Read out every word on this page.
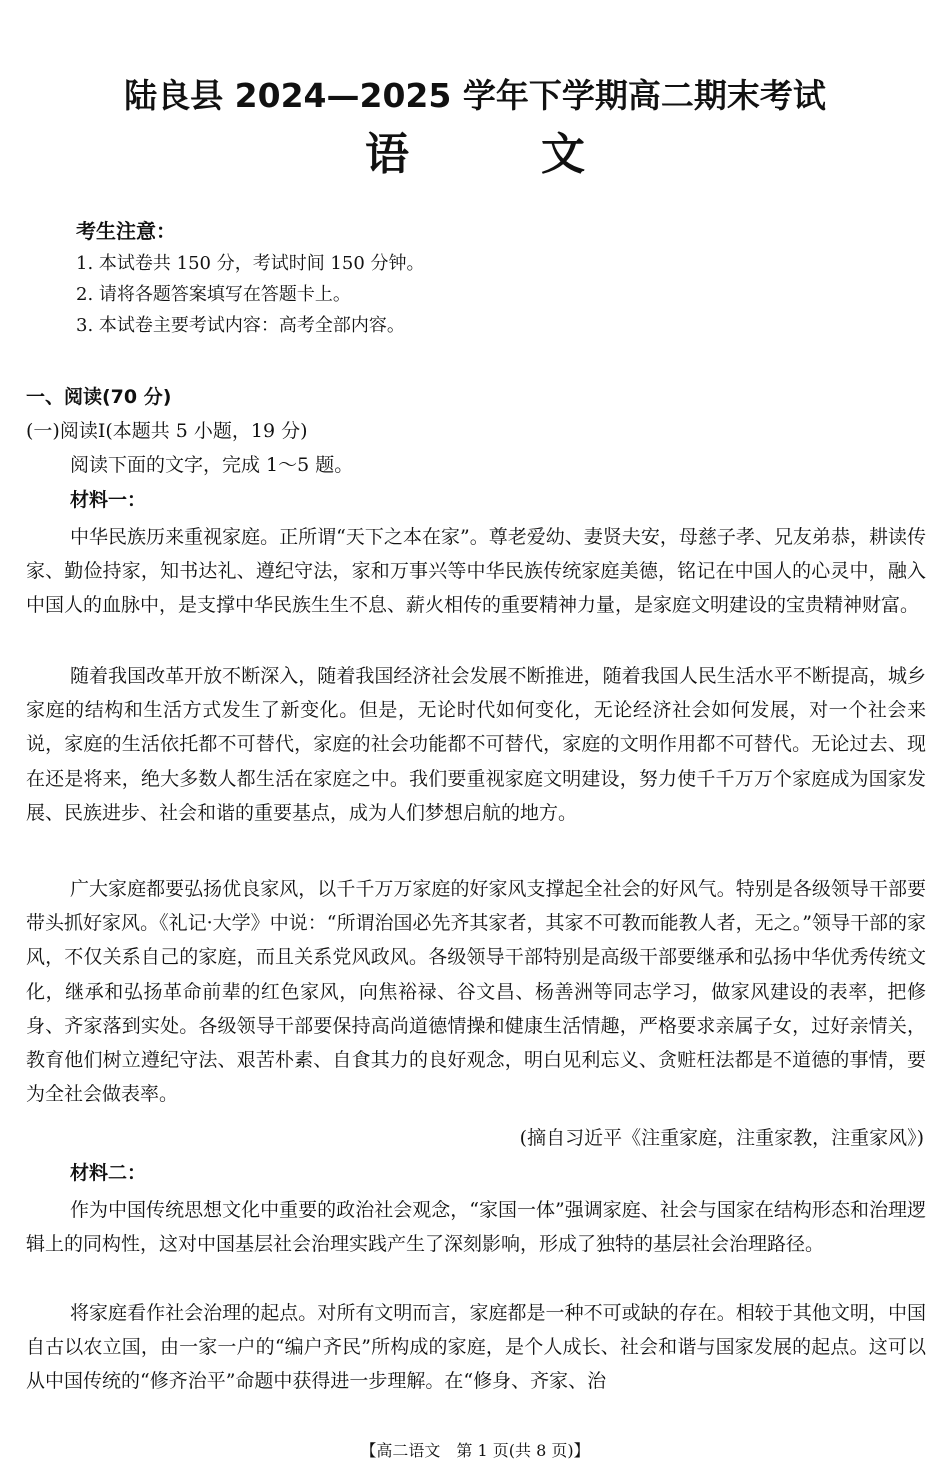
陆良县 2024—2025 学年下学期高二期末考试
语　　　文
考生注意：
1. 本试卷共 150 分，考试时间 150 分钟。
2. 请将各题答案填写在答题卡上。
3. 本试卷主要考试内容：高考全部内容。
一、阅读(70 分)
(一)阅读Ⅰ(本题共 5 小题，19 分)
阅读下面的文字，完成 1～5 题。
材料一：
中华民族历来重视家庭。正所谓“天下之本在家”。尊老爱幼、妻贤夫安，母慈子孝、兄友弟恭，耕读传家、勤俭持家，知书达礼、遵纪守法，家和万事兴等中华民族传统家庭美德，铭记在中国人的心灵中，融入中国人的血脉中，是支撑中华民族生生不息、薪火相传的重要精神力量，是家庭文明建设的宝贵精神财富。
随着我国改革开放不断深入，随着我国经济社会发展不断推进，随着我国人民生活水平不断提高，城乡家庭的结构和生活方式发生了新变化。但是，无论时代如何变化，无论经济社会如何发展，对一个社会来说，家庭的生活依托都不可替代，家庭的社会功能都不可替代，家庭的文明作用都不可替代。无论过去、现在还是将来，绝大多数人都生活在家庭之中。我们要重视家庭文明建设，努力使千千万万个家庭成为国家发展、民族进步、社会和谐的重要基点，成为人们梦想启航的地方。
广大家庭都要弘扬优良家风，以千千万万家庭的好家风支撑起全社会的好风气。特别是各级领导干部要带头抓好家风。《礼记·大学》中说：“所谓治国必先齐其家者，其家不可教而能教人者，无之。”领导干部的家风，不仅关系自己的家庭，而且关系党风政风。各级领导干部特别是高级干部要继承和弘扬中华优秀传统文化，继承和弘扬革命前辈的红色家风，向焦裕禄、谷文昌、杨善洲等同志学习，做家风建设的表率，把修身、齐家落到实处。各级领导干部要保持高尚道德情操和健康生活情趣，严格要求亲属子女，过好亲情关，教育他们树立遵纪守法、艰苦朴素、自食其力的良好观念，明白见利忘义、贪赃枉法都是不道德的事情，要为全社会做表率。
(摘自习近平《注重家庭，注重家教，注重家风》)
材料二：
作为中国传统思想文化中重要的政治社会观念，“家国一体”强调家庭、社会与国家在结构形态和治理逻辑上的同构性，这对中国基层社会治理实践产生了深刻影响，形成了独特的基层社会治理路径。
将家庭看作社会治理的起点。对所有文明而言，家庭都是一种不可或缺的存在。相较于其他文明，中国自古以农立国，由一家一户的“编户齐民”所构成的家庭，是个人成长、社会和谐与国家发展的起点。这可以从中国传统的“修齐治平”命题中获得进一步理解。在“修身、齐家、治
【高二语文　第 1 页(共 8 页)】
